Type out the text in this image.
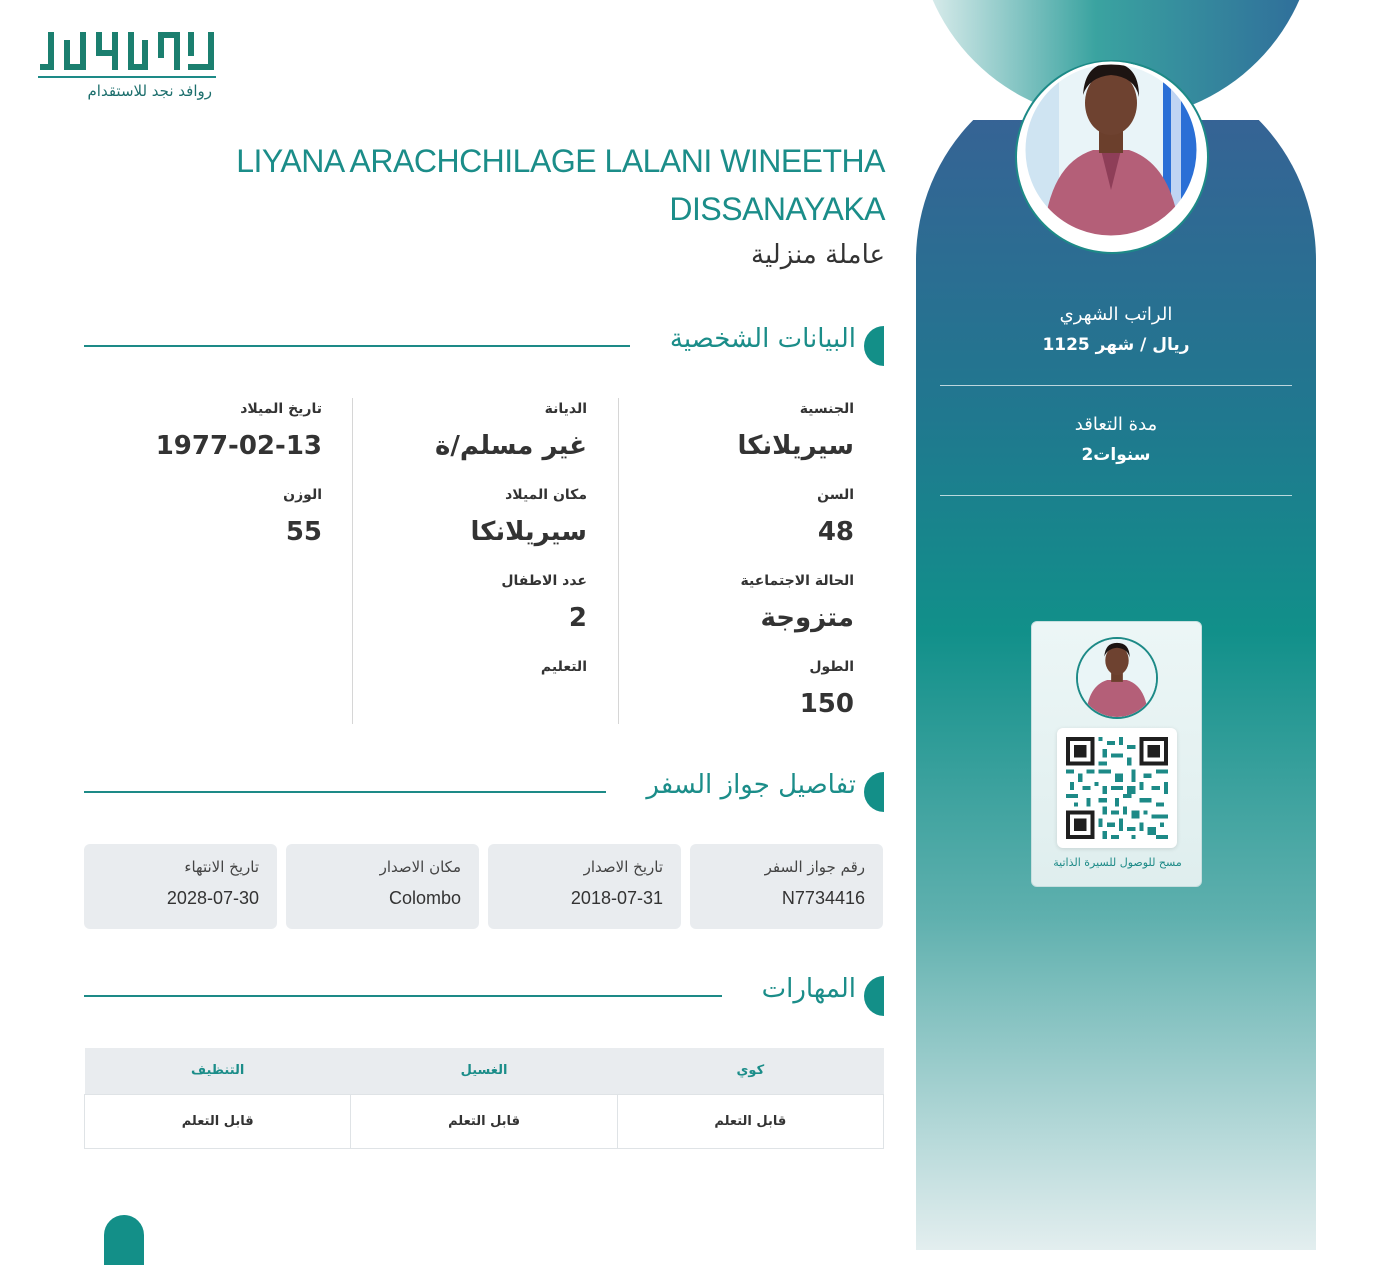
الراتب الشهري
1125 ريال / شهر
مدة التعاقد
2سنوات
مسح للوصول للسيرة الذاتية
روافد نجد للاستقدام
LIYANA ARACHCHILAGE LALANI WINEETHA DISSANAYAKA
عاملة منزلية
البيانات الشخصية
الجنسية
سيريلانكا
السن
48
الحالة الاجتماعية
متزوجة
الطول
150
الديانة
غير مسلم/ة
مكان الميلاد
سيريلانكا
عدد الاطفال
2
التعليم
تاريخ الميلاد
1977-02-13
الوزن
55
تفاصيل جواز السفر
رقم جواز السفر
N7734416
تاريخ الاصدار
2018-07-31
مكان الاصدار
Colombo
تاريخ الانتهاء
2028-07-30
المهارات
كوي	الغسيل	التنظيف
قابل التعلم	قابل التعلم	قابل التعلم
